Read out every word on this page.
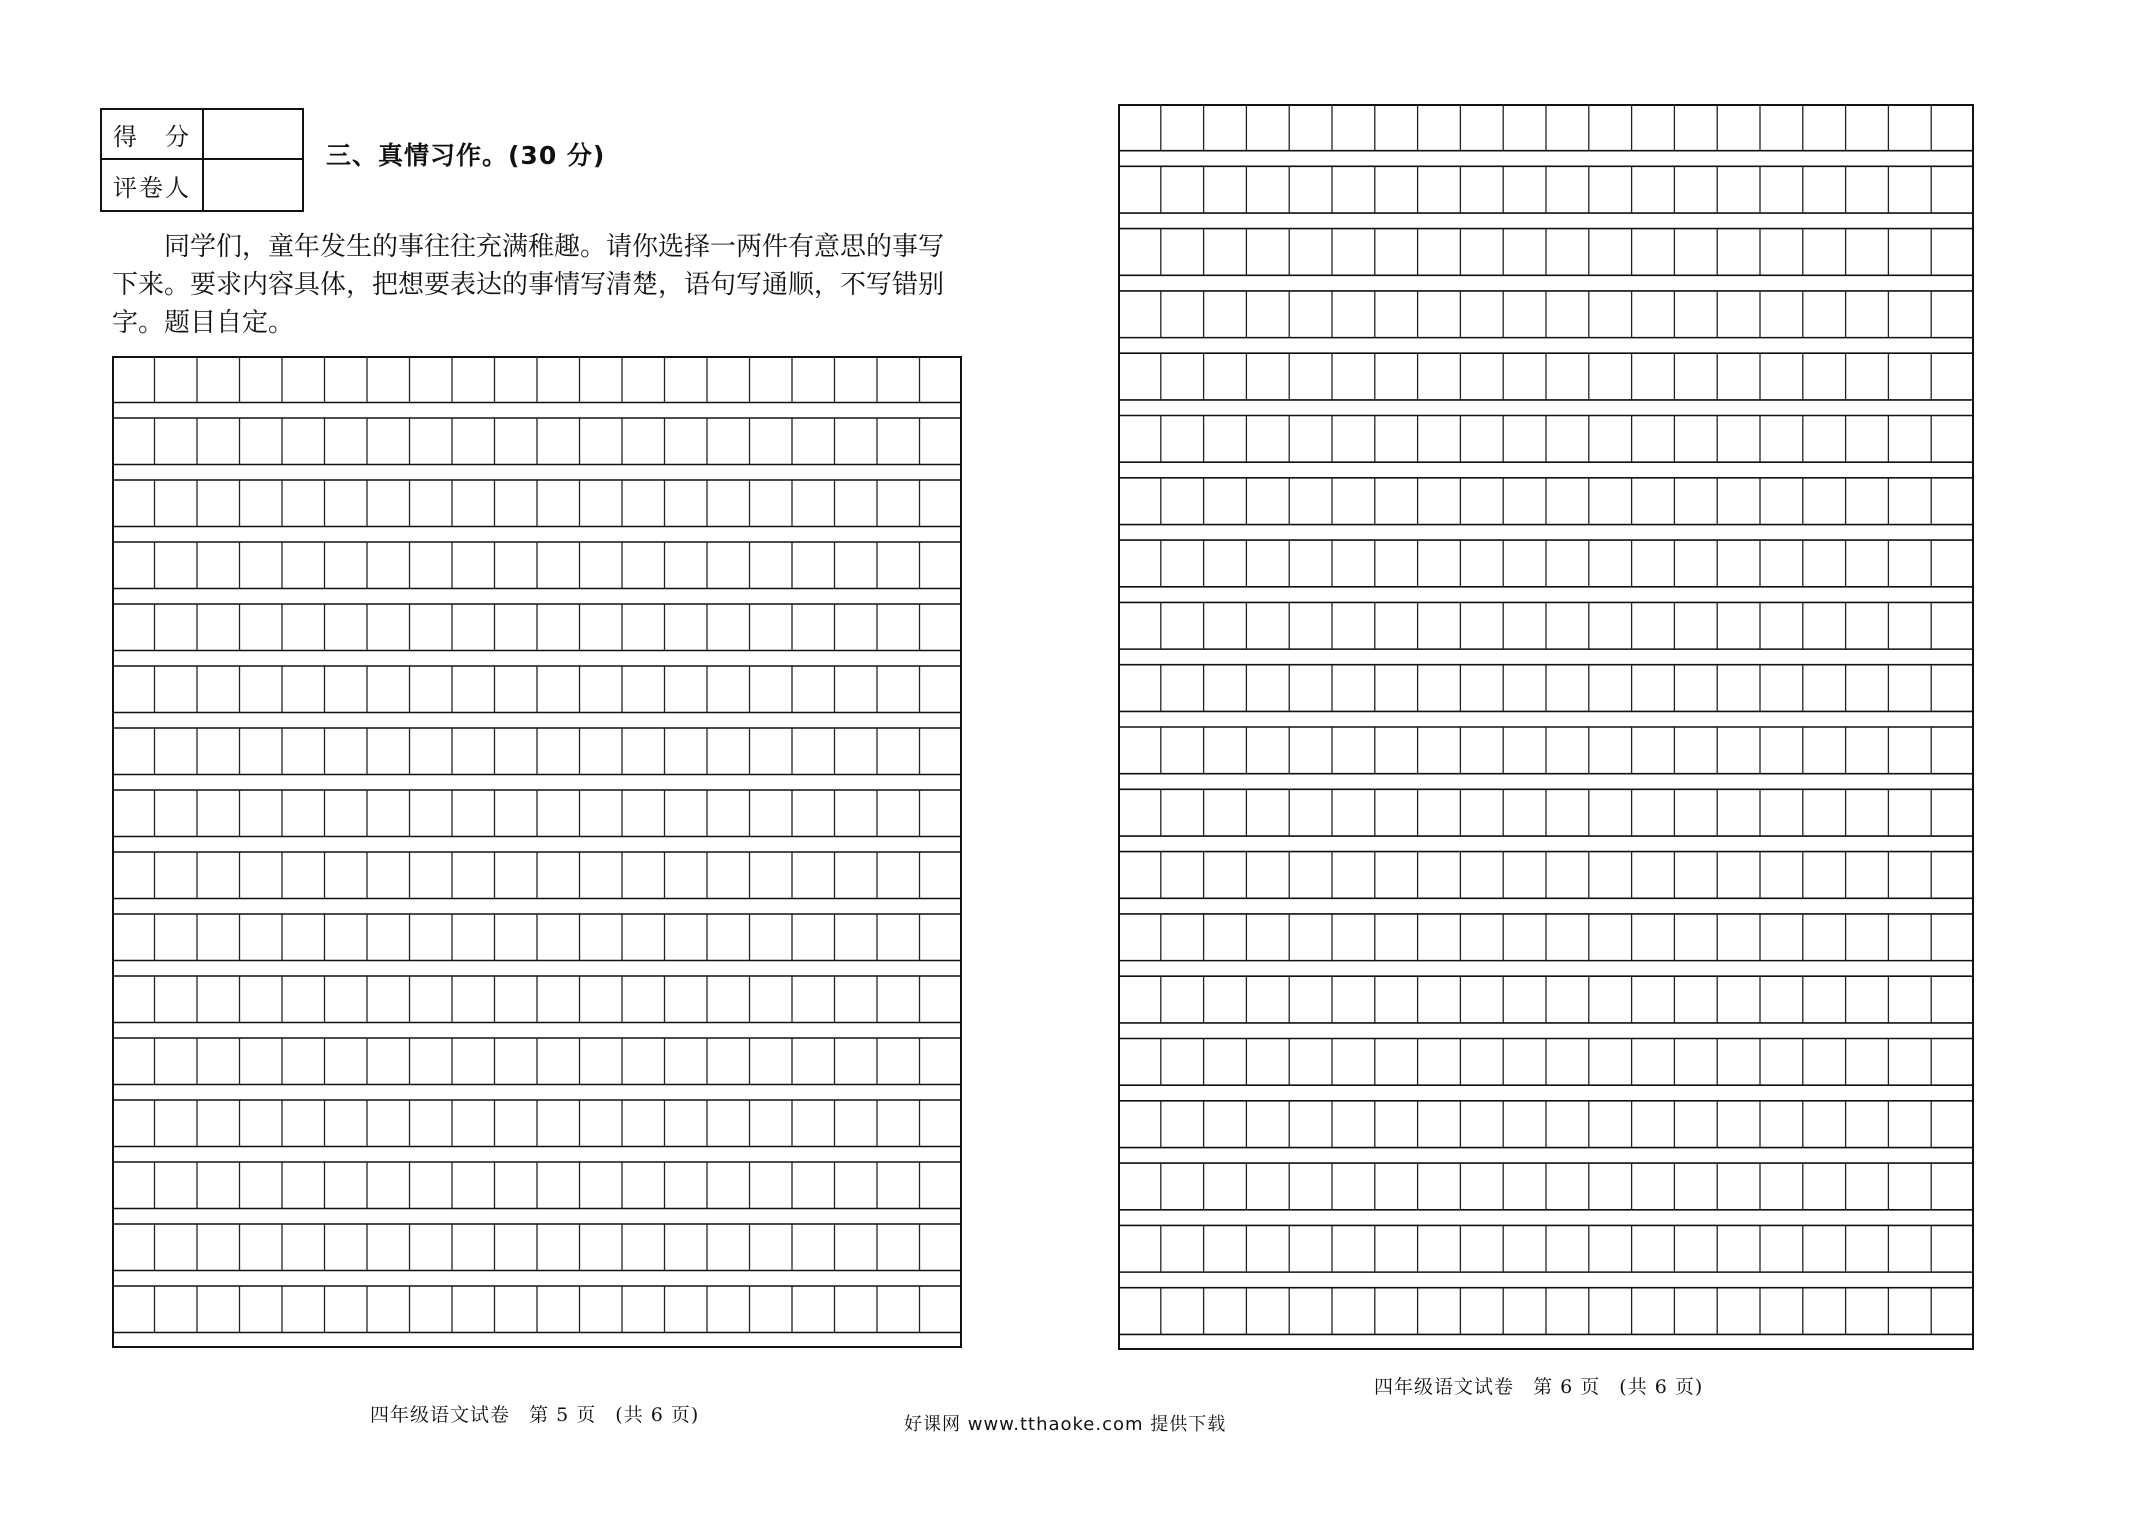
得　分
评卷人
三、真情习作。(30 分)

同学们，童年发生的事往往充满稚趣。请你选择一两件有意思的事写下来。要求内容具体，把想要表达的事情写清楚，语句写通顺，不写错别字。题目自定。

四年级语文试卷 第 5 页 (共 6 页)
四年级语文试卷 第 6 页 (共 6 页)
好课网 www.tthaoke.com 提供下载
